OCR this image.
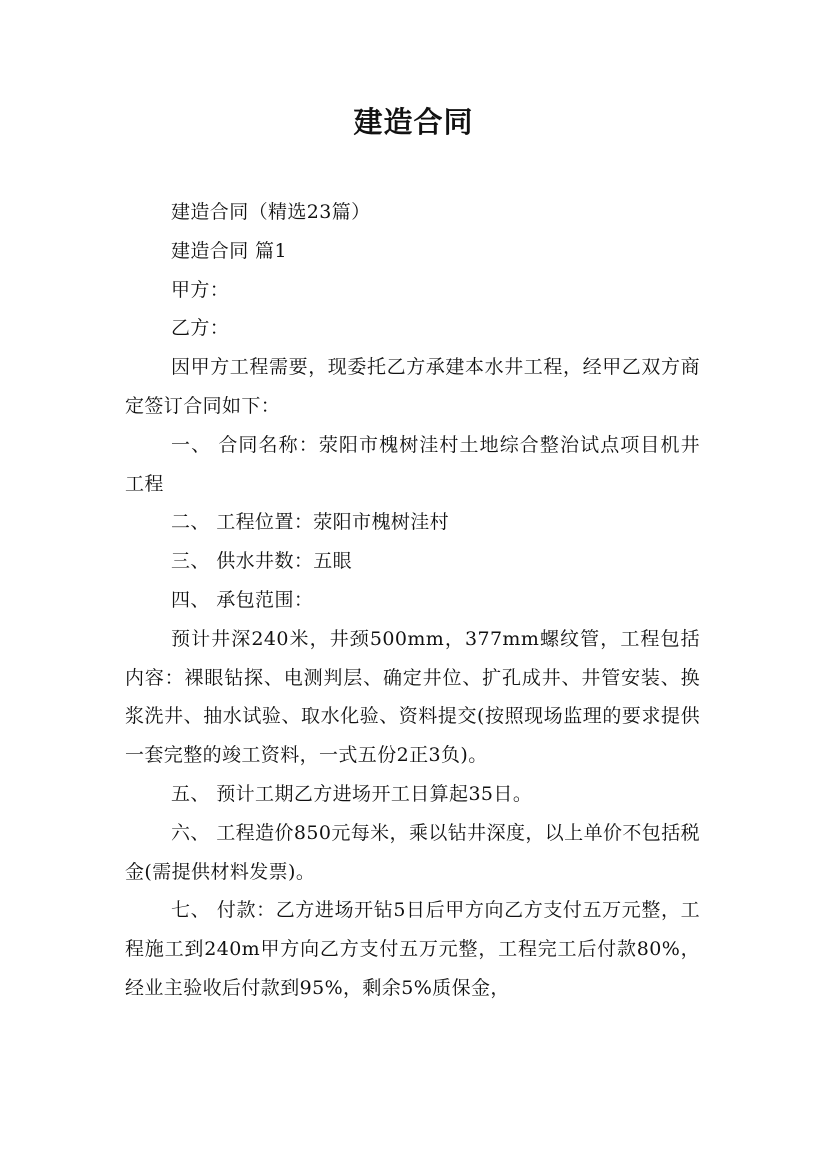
建造合同

建造合同（精选23篇）

建造合同 篇1

甲方：

乙方：

因甲方工程需要，现委托乙方承建本水井工程，经甲乙双方商定签订合同如下：

一、 合同名称：荥阳市槐树洼村土地综合整治试点项目机井工程

二、 工程位置：荥阳市槐树洼村

三、 供水井数：五眼

四、 承包范围：

预计井深240米，井颈500mm，377mm螺纹管，工程包括内容：裸眼钻探、电测判层、确定井位、扩孔成井、井管安装、换浆洗井、抽水试验、取水化验、资料提交(按照现场监理的要求提供一套完整的竣工资料，一式五份2正3负)。

五、 预计工期乙方进场开工日算起35日。

六、 工程造价850元每米，乘以钻井深度，以上单价不包括税金(需提供材料发票)。

七、 付款：乙方进场开钻5日后甲方向乙方支付五万元整，工程施工到240m甲方向乙方支付五万元整，工程完工后付款80%，经业主验收后付款到95%，剩余5%质保金，
